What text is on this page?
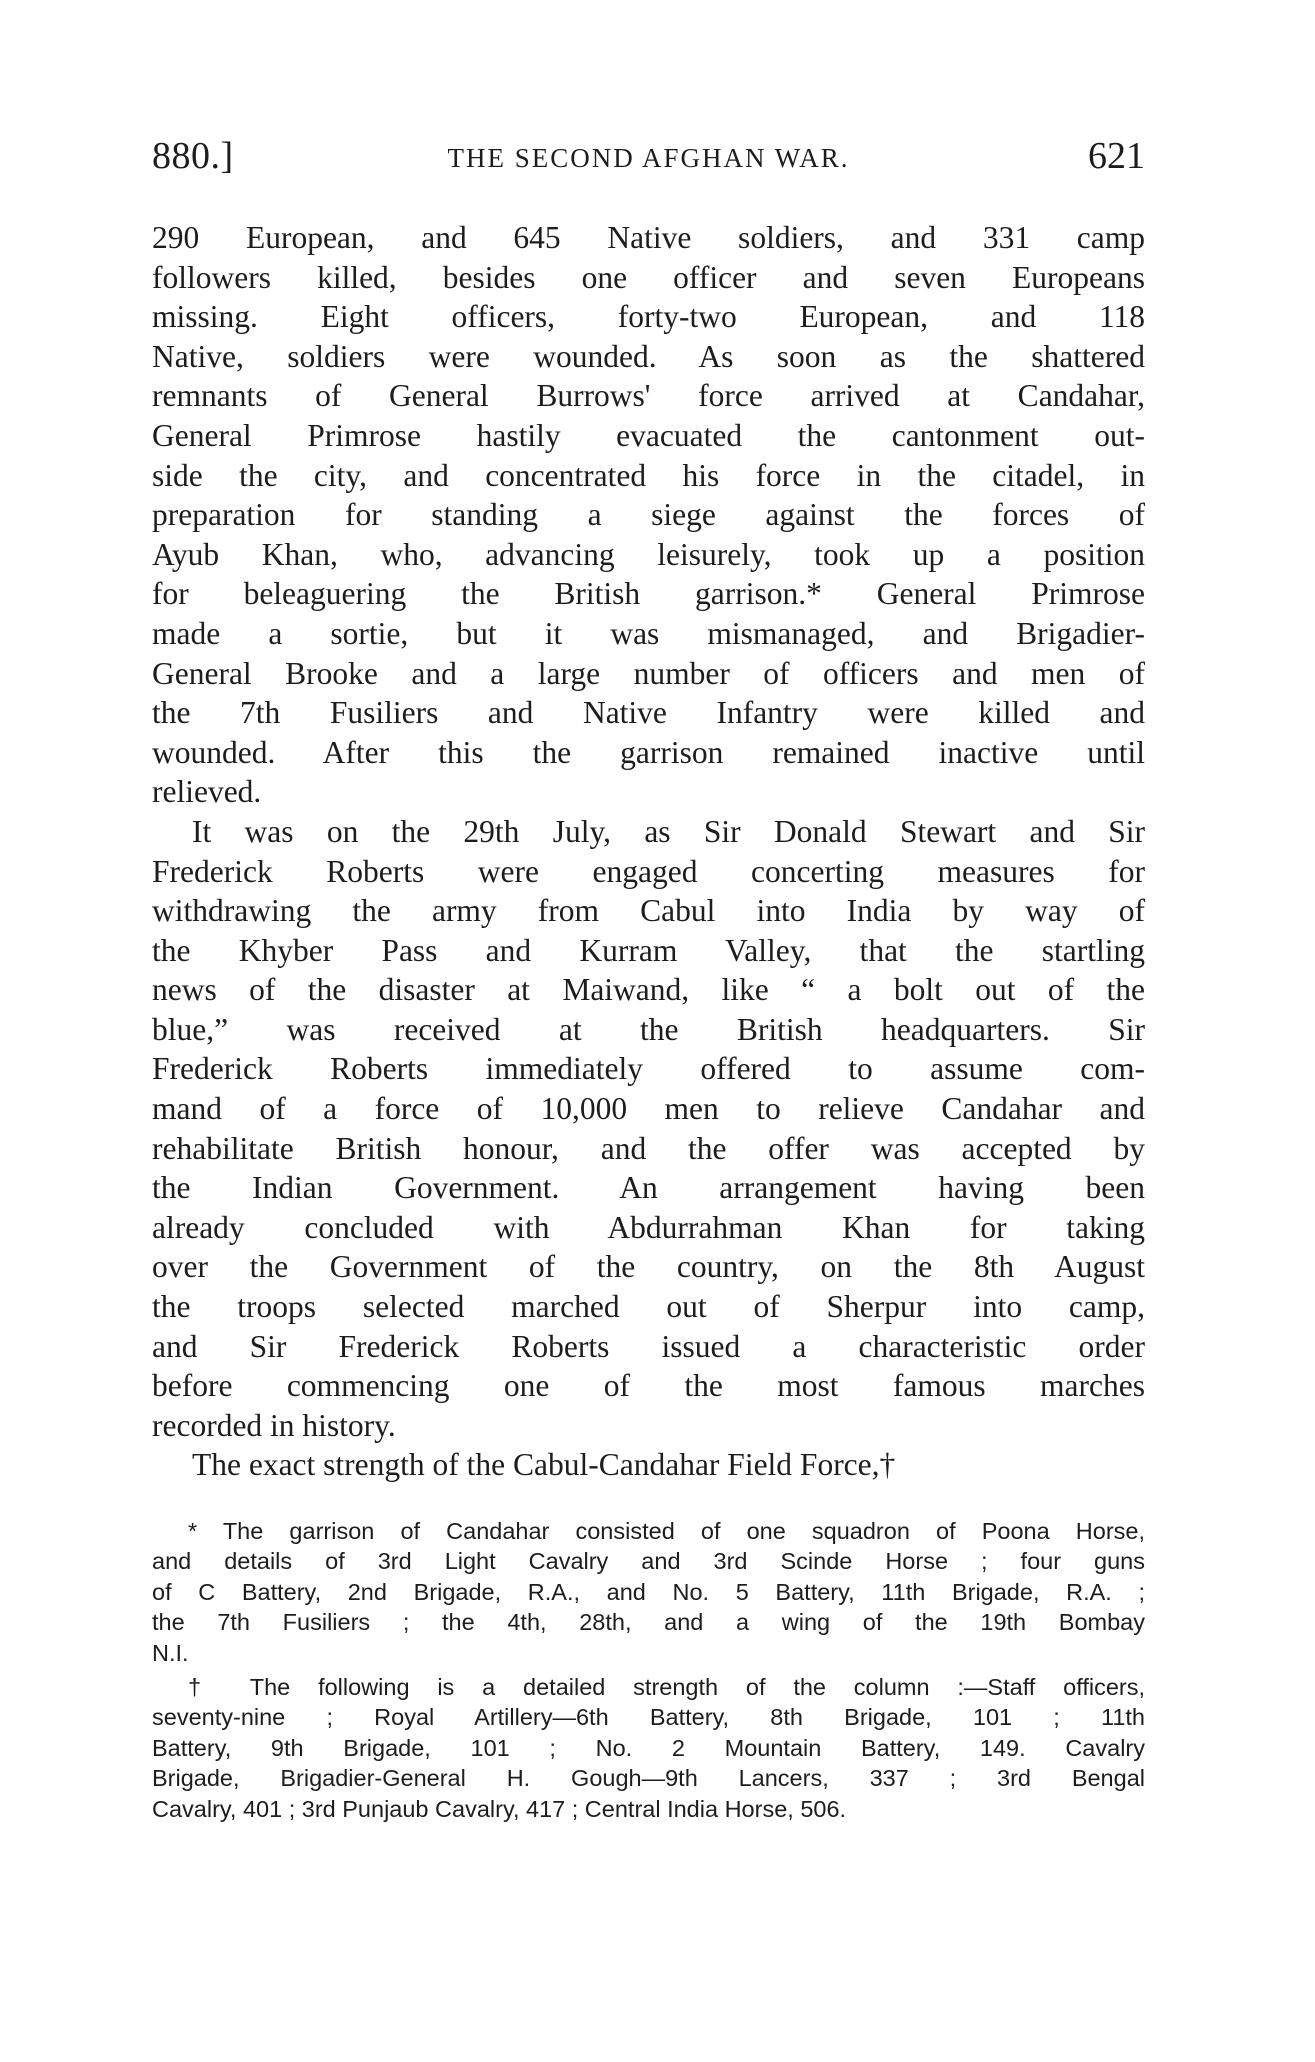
880.]	THE SECOND AFGHAN WAR.	621
290 European, and 645 Native soldiers, and 331 camp
followers killed, besides one officer and seven Europeans
missing. Eight officers, forty-two European, and 118
Native, soldiers were wounded. As soon as the shattered
remnants of General Burrows' force arrived at Candahar,
General Primrose hastily evacuated the cantonment out-
side the city, and concentrated his force in the citadel, in
preparation for standing a siege against the forces of
Ayub Khan, who, advancing leisurely, took up a position
for beleaguering the British garrison.* General Primrose
made a sortie, but it was mismanaged, and Brigadier-
General Brooke and a large number of officers and men of
the 7th Fusiliers and Native Infantry were killed and
wounded. After this the garrison remained inactive until
relieved.
It was on the 29th July, as Sir Donald Stewart and Sir
Frederick Roberts were engaged concerting measures for
withdrawing the army from Cabul into India by way of
the Khyber Pass and Kurram Valley, that the startling
news of the disaster at Maiwand, like “ a bolt out of the
blue,” was received at the British headquarters. Sir
Frederick Roberts immediately offered to assume com-
mand of a force of 10,000 men to relieve Candahar and
rehabilitate British honour, and the offer was accepted by
the Indian Government. An arrangement having been
already concluded with Abdurrahman Khan for taking
over the Government of the country, on the 8th August
the troops selected marched out of Sherpur into camp,
and Sir Frederick Roberts issued a characteristic order
before commencing one of the most famous marches
recorded in history.
The exact strength of the Cabul-Candahar Field Force,†
* The garrison of Candahar consisted of one squadron of Poona Horse,
and details of 3rd Light Cavalry and 3rd Scinde Horse ; four guns
of C Battery, 2nd Brigade, R.A., and No. 5 Battery, 11th Brigade, R.A. ;
the 7th Fusiliers ; the 4th, 28th, and a wing of the 19th Bombay
N.I.
† The following is a detailed strength of the column :—Staff officers,
seventy-nine ; Royal Artillery—6th Battery, 8th Brigade, 101 ; 11th
Battery, 9th Brigade, 101 ; No. 2 Mountain Battery, 149. Cavalry
Brigade, Brigadier-General H. Gough—9th Lancers, 337 ; 3rd Bengal
Cavalry, 401 ; 3rd Punjaub Cavalry, 417 ; Central India Horse, 506.
